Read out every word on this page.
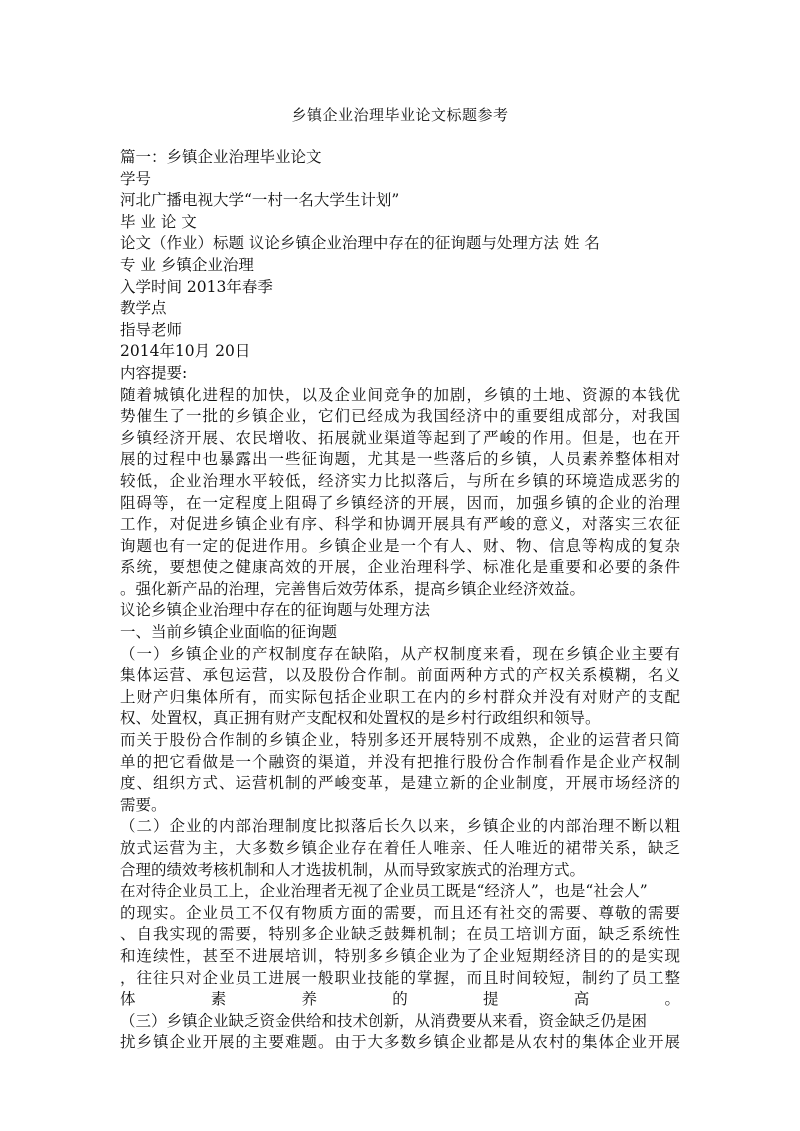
乡镇企业治理毕业论文标题参考
篇一：乡镇企业治理毕业论文
学号
河北广播电视大学“一村一名大学生计划”
毕 业 论 文
论文（作业）标题 议论乡镇企业治理中存在的征询题与处理方法 姓 名
专 业 乡镇企业治理
入学时间 2013年春季
教学点
指导老师
2014年10月 20日
内容提要:
随着城镇化进程的加快，以及企业间竞争的加剧，乡镇的土地、资源的本钱优
势催生了一批的乡镇企业，它们已经成为我国经济中的重要组成部分，对我国
乡镇经济开展、农民增收、拓展就业渠道等起到了严峻的作用。但是，也在开
展的过程中也暴露出一些征询题，尤其是一些落后的乡镇，人员素养整体相对
较低，企业治理水平较低，经济实力比拟落后，与所在乡镇的环境造成恶劣的
阻碍等，在一定程度上阻碍了乡镇经济的开展，因而，加强乡镇的企业的治理
工作，对促进乡镇企业有序、科学和协调开展具有严峻的意义，对落实三农征
询题也有一定的促进作用。乡镇企业是一个有人、财、物、信息等构成的复杂
系统，要想使之健康高效的开展，企业治理科学、标准化是重要和必要的条件
。强化新产品的治理，完善售后效劳体系，提高乡镇企业经济效益。
议论乡镇企业治理中存在的征询题与处理方法
一、当前乡镇企业面临的征询题
（一）乡镇企业的产权制度存在缺陷，从产权制度来看，现在乡镇企业主要有
集体运营、承包运营，以及股份合作制。前面两种方式的产权关系模糊，名义
上财产归集体所有，而实际包括企业职工在内的乡村群众并没有对财产的支配
权、处置权，真正拥有财产支配权和处置权的是乡村行政组织和领导。
而关于股份合作制的乡镇企业，特别多还开展特别不成熟，企业的运营者只简
单的把它看做是一个融资的渠道，并没有把推行股份合作制看作是企业产权制
度、组织方式、运营机制的严峻变革，是建立新的企业制度，开展市场经济的
需要。
（二）企业的内部治理制度比拟落后长久以来，乡镇企业的内部治理不断以粗
放式运营为主，大多数乡镇企业存在着任人唯亲、任人唯近的裙带关系，缺乏
合理的绩效考核机制和人才选拔机制，从而导致家族式的治理方式。
在对待企业员工上，企业治理者无视了企业员工既是“经济人”，也是“社会人”
的现实。企业员工不仅有物质方面的需要，而且还有社交的需要、尊敬的需要
、自我实现的需要，特别多企业缺乏鼓舞机制；在员工培训方面，缺乏系统性
和连续性，甚至不进展培训，特别多乡镇企业为了企业短期经济目的的是实现
，往往只对企业员工进展一般职业技能的掌握，而且时间较短，制约了员工整
体素养的提高。
（三）乡镇企业缺乏资金供给和技术创新，从消费要从来看，资金缺乏仍是困
扰乡镇企业开展的主要难题。由于大多数乡镇企业都是从农村的集体企业开展
